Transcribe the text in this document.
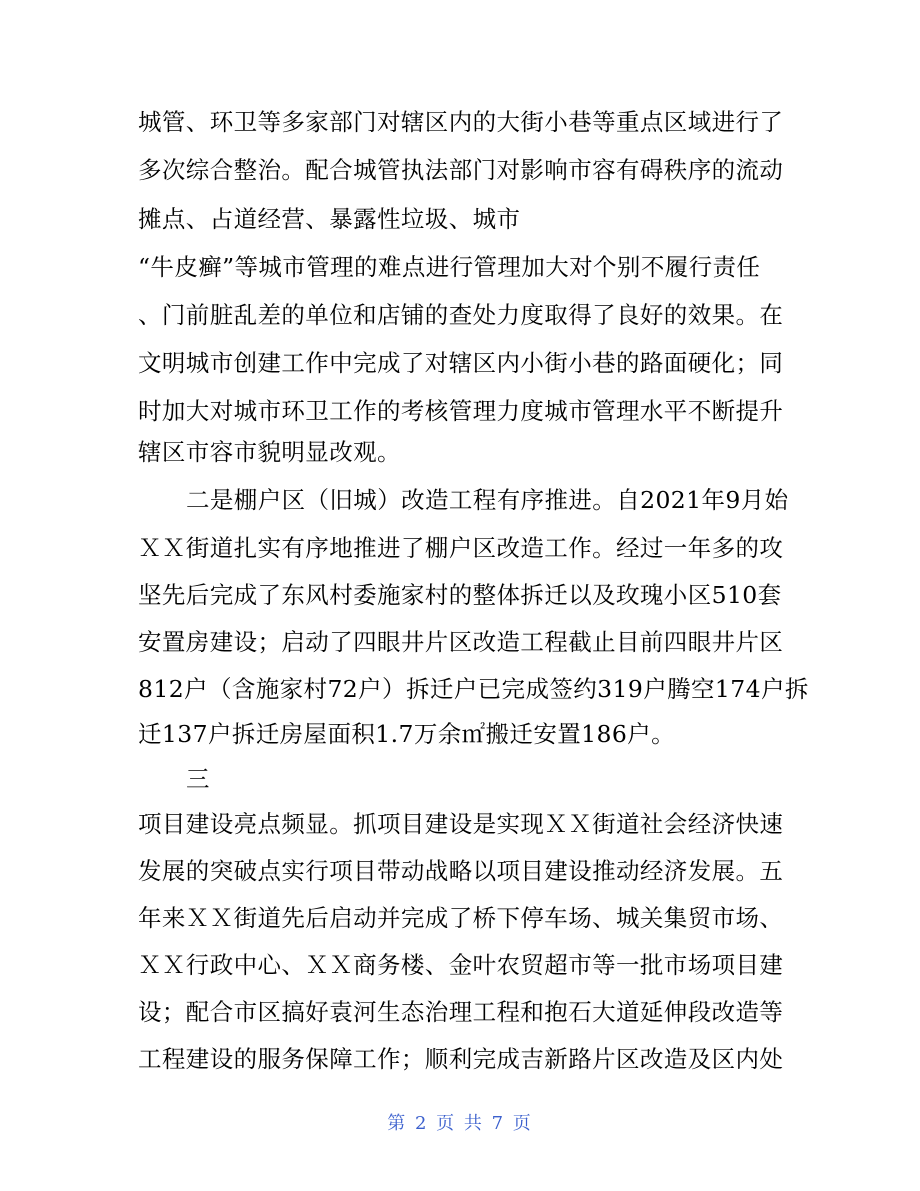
城管、环卫等多家部门对辖区内的大街小巷等重点区域进行了
多次综合整治。配合城管执法部门对影响市容有碍秩序的流动
摊点、占道经营、暴露性垃圾、城市
“牛皮癣”等城市管理的难点进行管理加大对个别不履行责任
、门前脏乱差的单位和店铺的查处力度取得了良好的效果。在
文明城市创建工作中完成了对辖区内小街小巷的路面硬化；同
时加大对城市环卫工作的考核管理力度城市管理水平不断提升
辖区市容市貌明显改观。
二是棚户区（旧城）改造工程有序推进。自2021年9月始
ＸＸ街道扎实有序地推进了棚户区改造工作。经过一年多的攻
坚先后完成了东风村委施家村的整体拆迁以及玫瑰小区510套
安置房建设；启动了四眼井片区改造工程截止目前四眼井片区
812户（含施家村72户）拆迁户已完成签约319户腾空174户拆
迁137户拆迁房屋面积1.7万余㎡搬迁安置186户。
三
项目建设亮点频显。抓项目建设是实现ＸＸ街道社会经济快速
发展的突破点实行项目带动战略以项目建设推动经济发展。五
年来ＸＸ街道先后启动并完成了桥下停车场、城关集贸市场、
ＸＸ行政中心、ＸＸ商务楼、金叶农贸超市等一批市场项目建
设；配合市区搞好袁河生态治理工程和抱石大道延伸段改造等
工程建设的服务保障工作；顺利完成吉新路片区改造及区内处
第 2 页 共 7 页
